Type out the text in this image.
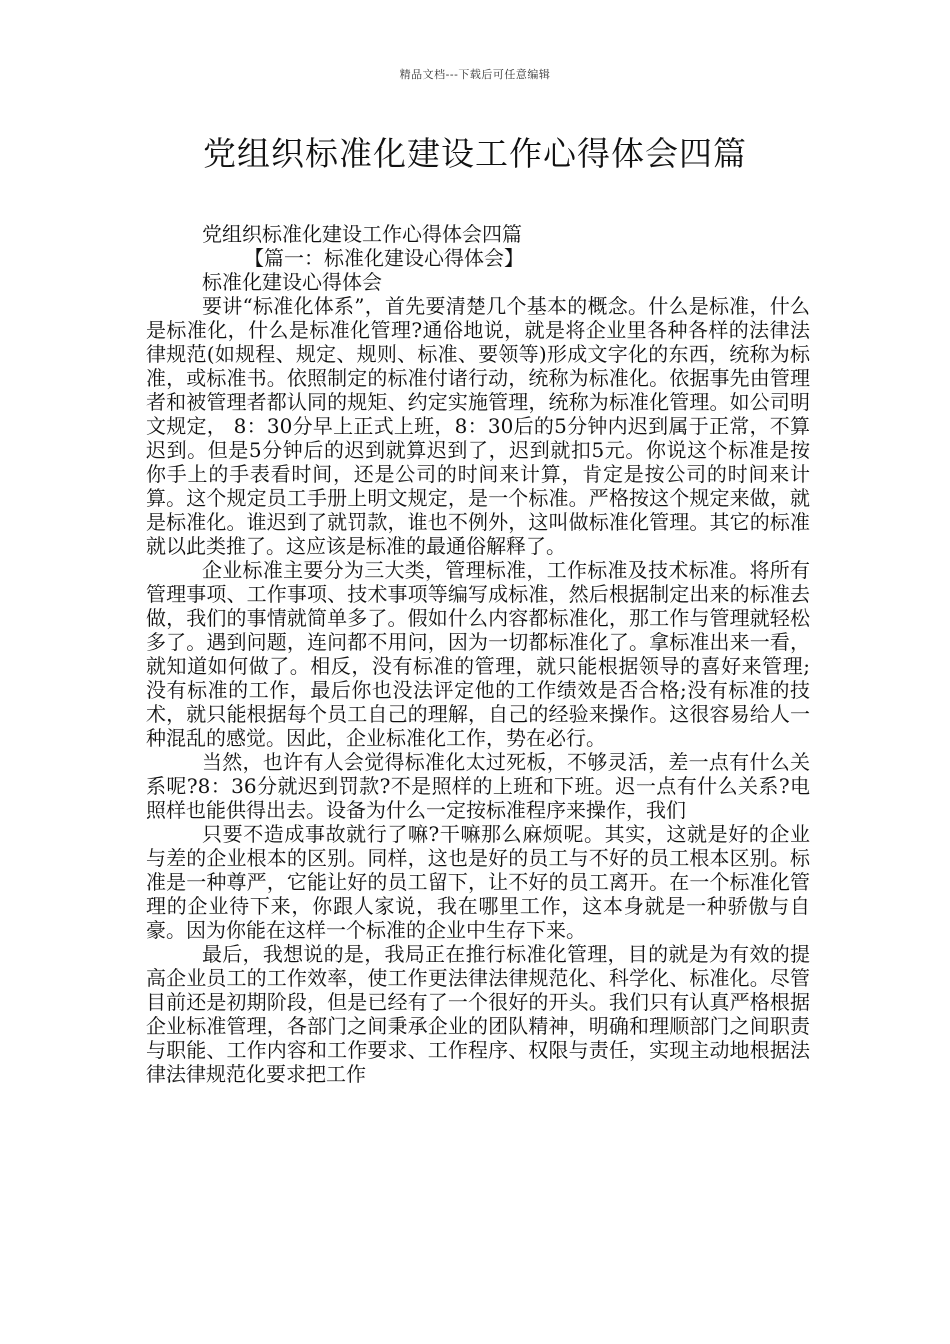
精品文档---下载后可任意编辑
党组织标准化建设工作心得体会四篇

党组织标准化建设工作心得体会四篇

【篇一：标准化建设心得体会】

标准化建设心得体会

要讲“标准化体系”，首先要清楚几个基本的概念。什么是标准，什么是标准化，什么是标准化管理?通俗地说，就是将企业里各种各样的法律法律规范(如规程、规定、规则、标准、要领等)形成文字化的东西，统称为标准，或标准书。依照制定的标准付诸行动，统称为标准化。依据事先由管理者和被管理者都认同的规矩、约定实施管理，统称为标准化管理。如公司明文规定， 8：30分早上正式上班，8：30后的5分钟内迟到属于正常，不算迟到。但是5分钟后的迟到就算迟到了，迟到就扣5元。你说这个标准是按你手上的手表看时间，还是公司的时间来计算，肯定是按公司的时间来计算。这个规定员工手册上明文规定，是一个标准。严格按这个规定来做，就是标准化。谁迟到了就罚款，谁也不例外，这叫做标准化管理。其它的标准就以此类推了。这应该是标准的最通俗解释了。

企业标准主要分为三大类，管理标准，工作标准及技术标准。将所有管理事项、工作事项、技术事项等编写成标准，然后根据制定出来的标准去做，我们的事情就简单多了。假如什么内容都标准化，那工作与管理就轻松多了。遇到问题，连问都不用问，因为一切都标准化了。拿标准出来一看，就知道如何做了。相反，没有标准的管理，就只能根据领导的喜好来管理;没有标准的工作，最后你也没法评定他的工作绩效是否合格;没有标准的技术，就只能根据每个员工自己的理解，自己的经验来操作。这很容易给人一种混乱的感觉。因此，企业标准化工作，势在必行。

当然，也许有人会觉得标准化太过死板，不够灵活，差一点有什么关系呢?8：36分就迟到罚款?不是照样的上班和下班。迟一点有什么关系?电照样也能供得出去。设备为什么一定按标准程序来操作，我们

只要不造成事故就行了嘛?干嘛那么麻烦呢。其实，这就是好的企业与差的企业根本的区别。同样，这也是好的员工与不好的员工根本区别。标准是一种尊严，它能让好的员工留下，让不好的员工离开。在一个标准化管理的企业待下来，你跟人家说，我在哪里工作，这本身就是一种骄傲与自豪。因为你能在这样一个标准的企业中生存下来。

最后，我想说的是，我局正在推行标准化管理，目的就是为有效的提高企业员工的工作效率，使工作更法律法律规范化、科学化、标准化。尽管目前还是初期阶段，但是已经有了一个很好的开头。我们只有认真严格根据企业标准管理，各部门之间秉承企业的团队精神，明确和理顺部门之间职责与职能、工作内容和工作要求、工作程序、权限与责任，实现主动地根据法律法律规范化要求把工作
